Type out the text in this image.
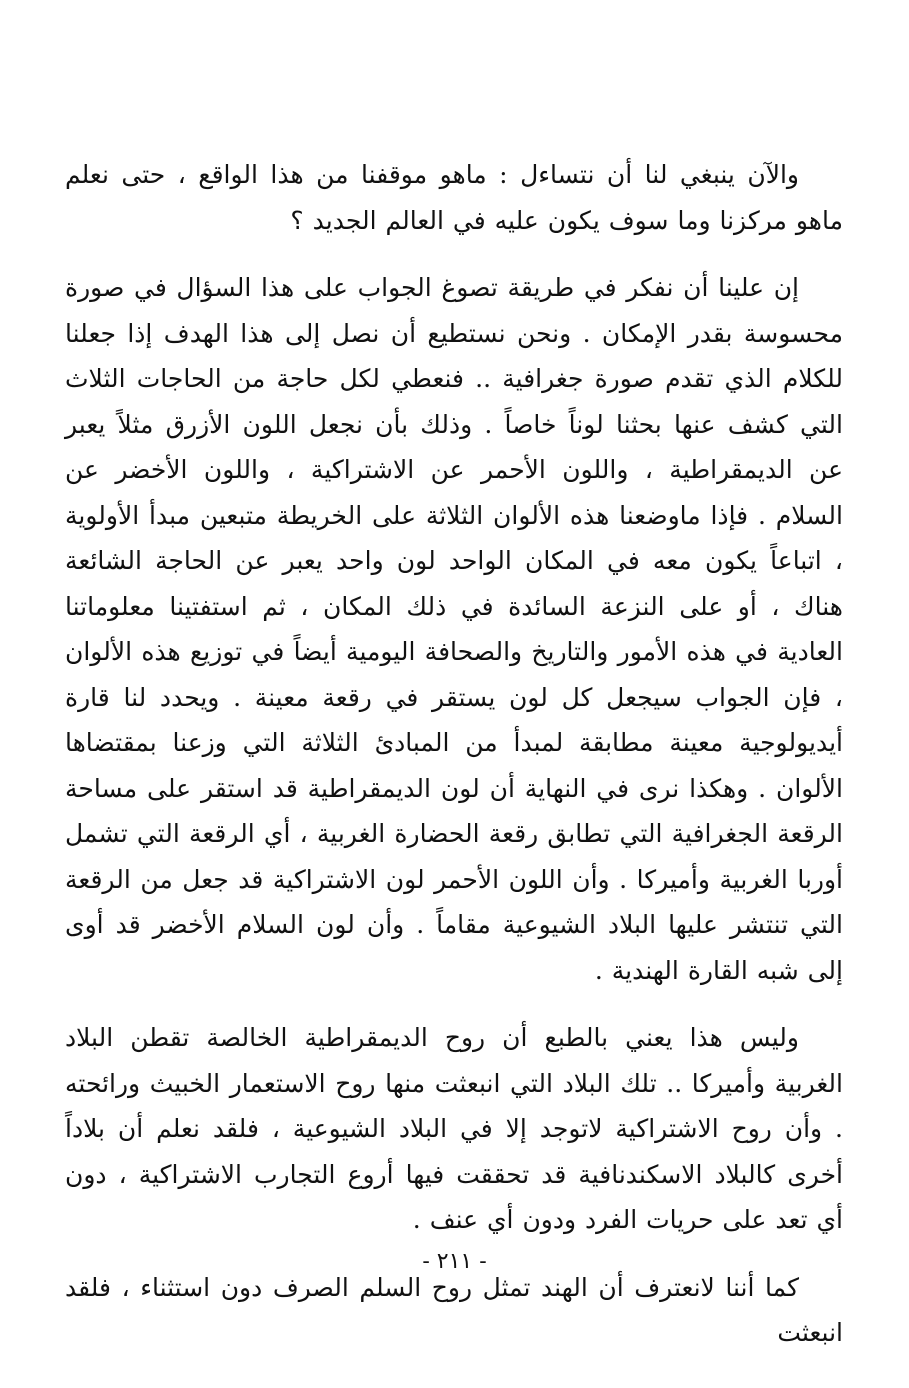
والآن ينبغي لنا أن نتساءل : ماهو موقفنا من هذا الواقع ، حتى نعلم ماهو مركزنا وما سوف يكون عليه في العالم الجديد ؟

إن علينا أن نفكر في طريقة تصوغ الجواب على هذا السؤال في صورة محسوسة بقدر الإمكان . ونحن نستطيع أن نصل إلى هذا الهدف إذا جعلنا للكلام الذي تقدم صورة جغرافية .. فنعطي لكل حاجة من الحاجات الثلاث التي كشف عنها بحثنا لوناً خاصاً . وذلك بأن نجعل اللون الأزرق مثلاً يعبر عن الديمقراطية ، واللون الأحمر عن الاشتراكية ، واللون الأخضر عن السلام . فإذا ماوضعنا هذه الألوان الثلاثة على الخريطة متبعين مبدأ الأولوية ، اتباعاً يكون معه في المكان الواحد لون واحد يعبر عن الحاجة الشائعة هناك ، أو على النزعة السائدة في ذلك المكان ، ثم استفتينا معلوماتنا العادية في هذه الأمور والتاريخ والصحافة اليومية أيضاً في توزيع هذه الألوان ، فإن الجواب سيجعل كل لون يستقر في رقعة معينة . ويحدد لنا قارة أيديولوجية معينة مطابقة لمبدأ من المبادئ الثلاثة التي وزعنا بمقتضاها الألوان . وهكذا نرى في النهاية أن لون الديمقراطية قد استقر على مساحة الرقعة الجغرافية التي تطابق رقعة الحضارة الغربية ، أي الرقعة التي تشمل أوربا الغربية وأميركا . وأن اللون الأحمر لون الاشتراكية قد جعل من الرقعة التي تنتشر عليها البلاد الشيوعية مقاماً . وأن لون السلام الأخضر قد أوى إلى شبه القارة الهندية .

وليس هذا يعني بالطبع أن روح الديمقراطية الخالصة تقطن البلاد الغربية وأميركا .. تلك البلاد التي انبعثت منها روح الاستعمار الخبيث ورائحته . وأن روح الاشتراكية لاتوجد إلا في البلاد الشيوعية ، فلقد نعلم أن بلاداً أخرى كالبلاد الاسكندنافية قد تحققت فيها أروع التجارب الاشتراكية ، دون أي تعد على حريات الفرد ودون أي عنف .

كما أننا لانعترف أن الهند تمثل روح السلم الصرف دون استثناء ، فلقد انبعثت

- ٢١١ -
